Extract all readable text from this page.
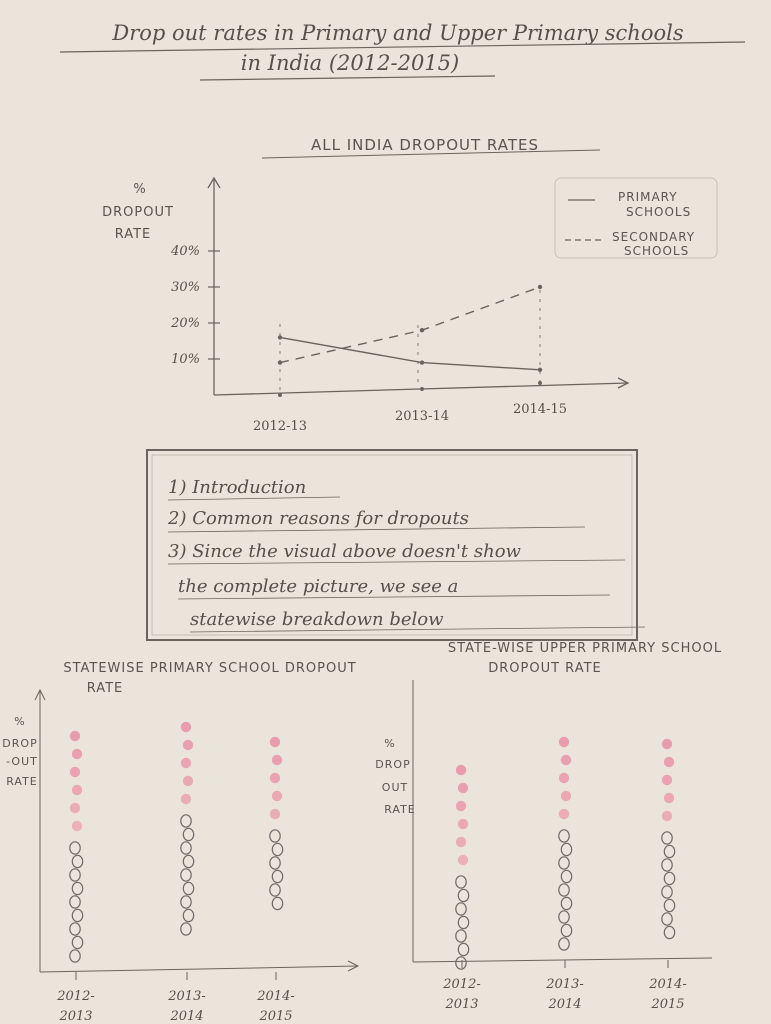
Drop out rates in Primary and Upper Primary schools
in India (2012-2015)
ALL INDIA DROPOUT RATES
%
DROPOUT
RATE
10%
20%
30%
40%
2012-13
2013-14	2014-15
PRIMARY
SCHOOLS
SECONDARY
SCHOOLS
1) Introduction
2) Common reasons for dropouts
3) Since the visual above doesn't show
the complete picture, we see a
statewise breakdown below
STATEWISE PRIMARY SCHOOL DROPOUT
RATE
%
DROP
-OUT
RATE
2012-
2013
2013-
2014
2014-
2015
STATE-WISE UPPER PRIMARY SCHOOL
DROPOUT RATE
%
DROP
OUT
RATE
2012-
2013
2013-
2014
2014-
2015
